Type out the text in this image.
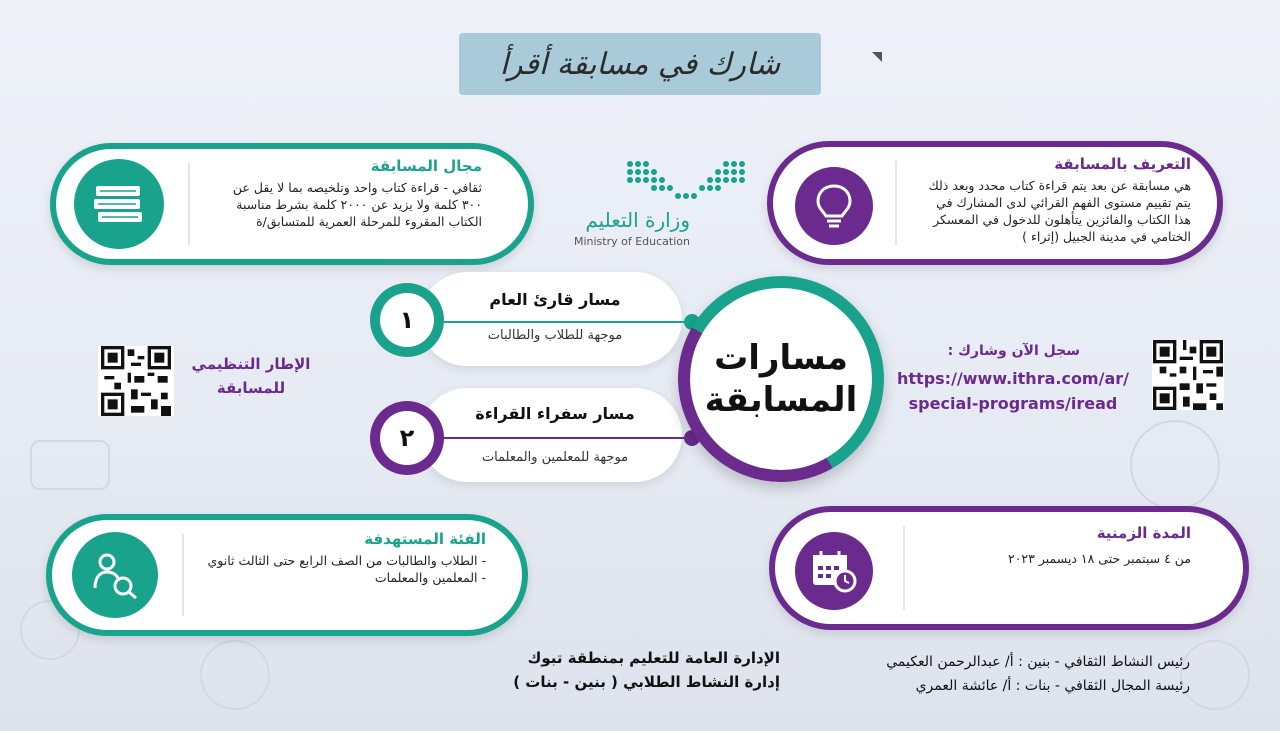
شارك في مسابقة أقرأ
وزارة التعليم
Ministry of Education
مجال المسابقة
ثقافي - قراءة كتاب واحد وتلخيصه بما لا يقل عن
٣٠٠ كلمة ولا يزيد عن ٢٠٠٠ كلمة بشرط مناسبة
الكتاب المقروء للمرحلة العمرية للمتسابق/ة
التعريف بالمسابقة
هي مسابقة عن بعد يتم قراءة كتاب محدد وبعد ذلك
يتم تقييم مستوى الفهم القرائي لدى المشارك في
هذا الكتاب والفائزين يتأهلون للدخول في المعسكر
الختامي في مدينة الجبيل (إثراء )
الفئة المستهدفة
- الطلاب والطالبات من الصف الرابع حتى الثالث ثانوي
- المعلمين والمعلمات
المدة الزمنية
من ٤ سبتمبر حتى ١٨ ديسمبر ٢٠٢٣
مسار قارئ العام
موجهة للطلاب والطالبات
١
مسار سفراء القراءة
موجهة للمعلمين والمعلمات
٢
مسارات
المسابقة
الإطار التنظيمي
للمسابقة
سجل الآن وشارك :
https://www.ithra.com/ar/
special-programs/iread
الإدارة العامة للتعليم بمنطقة تبوك
إدارة النشاط الطلابي ( بنين - بنات )
رئيس النشاط الثقافي - بنين : أ/ عبدالرحمن العكيمي
رئيسة المجال الثقافي - بنات : أ/ عائشة العمري
